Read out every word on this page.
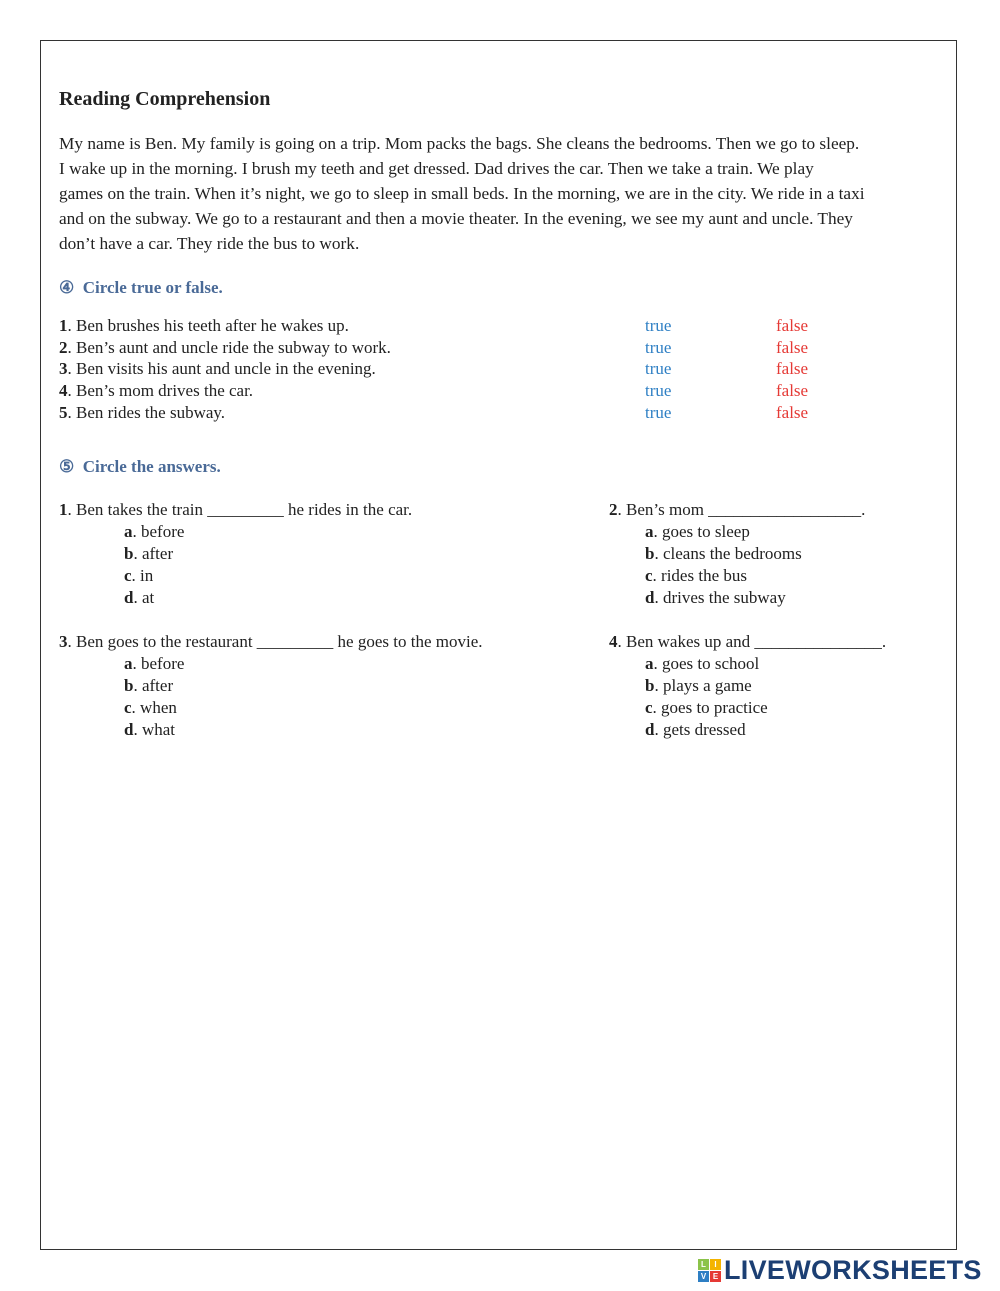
Reading Comprehension
My name is Ben. My family is going on a trip. Mom packs the bags. She cleans the bedrooms. Then we go to sleep.
I wake up in the morning. I brush my teeth and get dressed. Dad drives the car. Then we take a train. We play
games on the train. When it’s night, we go to sleep in small beds. In the morning, we are in the city. We ride in a taxi
and on the subway. We go to a restaurant and then a movie theater. In the evening, we see my aunt and uncle. They
don’t have a car. They ride the bus to work.
④ Circle true or false.
⑤ Circle the answers.
L	I
V E LIVEWORKSHEETS
1. Ben brushes his teeth after he wakes up.	true	false
2. Ben’s aunt and uncle ride the subway to work.	true	false
3. Ben visits his aunt and uncle in the evening.	true	false
4. Ben’s mom drives the car.	true	false
5. Ben rides the subway.	true	false
1. Ben takes the train _________ he rides in the car.
a. before
b. after
c. in
d. at
2. Ben’s mom __________________.
a. goes to sleep
b. cleans the bedrooms
c. rides the bus
d. drives the subway
3. Ben goes to the restaurant _________ he goes to the movie.
a. before
b. after
c. when
d. what
4. Ben wakes up and _______________.
a. goes to school
b. plays a game
c. goes to practice
d. gets dressed
